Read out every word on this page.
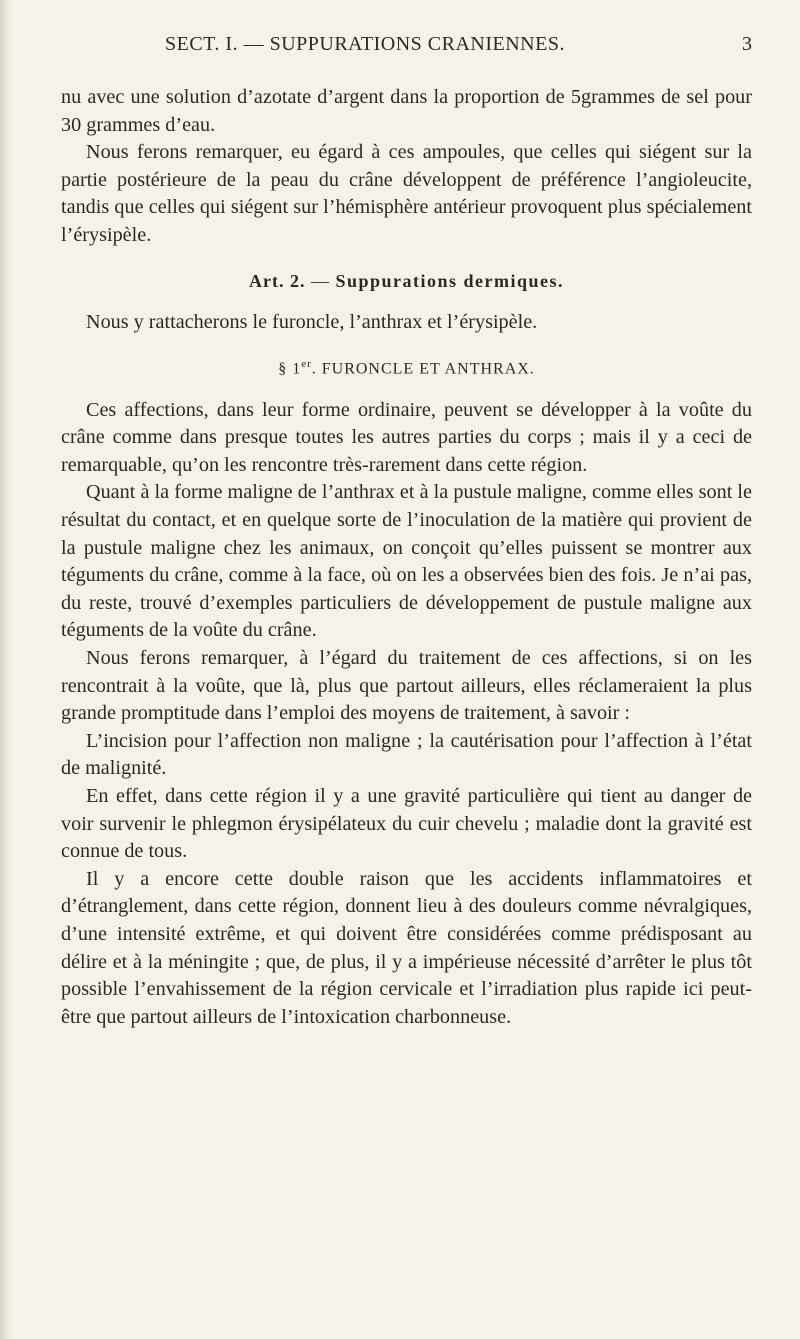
SECT. I. — SUPPURATIONS CRANIENNES.	3

nu avec une solution d’azotate d’argent dans la proportion de 5grammes de sel pour 30 grammes d’eau.

Nous ferons remarquer, eu égard à ces ampoules, que celles qui siégent sur la partie postérieure de la peau du crâne développent de préférence l’angioleucite, tandis que celles qui siégent sur l’hémisphère antérieur provoquent plus spécialement l’érysipèle.

Art. 2. — Suppurations dermiques.

Nous y rattacherons le furoncle, l’anthrax et l’érysipèle.

§ 1er. FURONCLE ET ANTHRAX.

Ces affections, dans leur forme ordinaire, peuvent se développer à la voûte du crâne comme dans presque toutes les autres parties du corps ; mais il y a ceci de remarquable, qu’on les rencontre très-rarement dans cette région.

Quant à la forme maligne de l’anthrax et à la pustule maligne, comme elles sont le résultat du contact, et en quelque sorte de l’inoculation de la matière qui provient de la pustule maligne chez les animaux, on conçoit qu’elles puissent se montrer aux téguments du crâne, comme à la face, où on les a observées bien des fois. Je n’ai pas, du reste, trouvé d’exemples particuliers de développement de pustule maligne aux téguments de la voûte du crâne.

Nous ferons remarquer, à l’égard du traitement de ces affections, si on les rencontrait à la voûte, que là, plus que partout ailleurs, elles réclameraient la plus grande promptitude dans l’emploi des moyens de traitement, à savoir :

L’incision pour l’affection non maligne ; la cautérisation pour l’affection à l’état de malignité.

En effet, dans cette région il y a une gravité particulière qui tient au danger de voir survenir le phlegmon érysipélateux du cuir chevelu ; maladie dont la gravité est connue de tous.

Il y a encore cette double raison que les accidents inflammatoires et d’étranglement, dans cette région, donnent lieu à des douleurs comme névralgiques, d’une intensité extrême, et qui doivent être considérées comme prédisposant au délire et à la méningite ; que, de plus, il y a impérieuse nécessité d’arrêter le plus tôt possible l’envahissement de la région cervicale et l’irradiation plus rapide ici peut-être que partout ailleurs de l’intoxication charbonneuse.
